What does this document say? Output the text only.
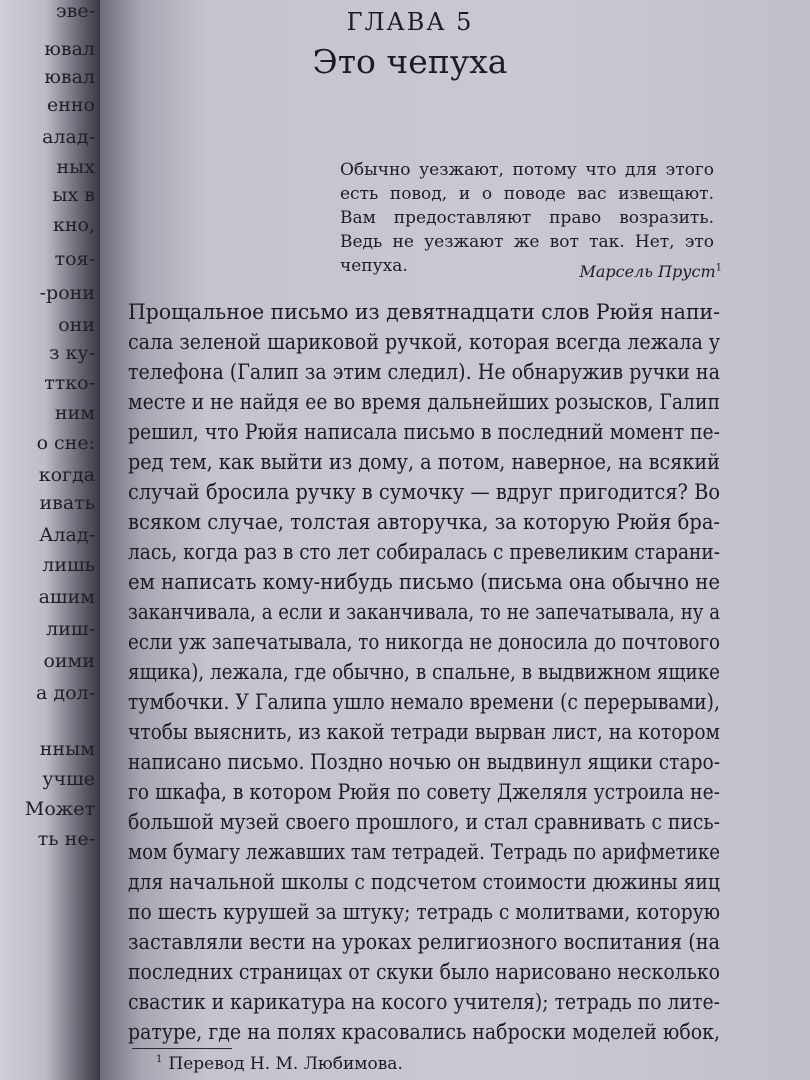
эве-
ювал
ювал
енно
алад-
ных
ых в
кно,
тоя-
-рони
они
з ку-
ттко-
ним
о сне:
когда
ивать
Алад-
лишь
ашим
лиш-
оими
а дол-
нным
учше
Может
ть не-
ГЛАВА 5
Это чепуха
Обычно уезжают, потому что для этого есть повод, и о поводе вас извещают. Вам предоставляют право возразить. Ведь не уезжают же вот так. Нет, это чепуха.	Марсель Пруст$^1$
Прощальное письмо из девятнадцати слов Рюйя напи-
сала зеленой шариковой ручкой, которая всегда лежала у
телефона (Галип за этим следил). Не обнаружив ручки на
месте и не найдя ее во время дальнейших розысков, Галип
решил, что Рюйя написала письмо в последний момент пе-
ред тем, как выйти из дому, а потом, наверное, на всякий
случай бросила ручку в сумочку — вдруг пригодится? Во
всяком случае, толстая авторучка, за которую Рюйя бра-
лась, когда раз в сто лет собиралась с превеликим старани-
ем написать кому-нибудь письмо (письма она обычно не
заканчивала, а если и заканчивала, то не запечатывала, ну а
если уж запечатывала, то никогда не доносила до почтового
ящика), лежала, где обычно, в спальне, в выдвижном ящике
тумбочки. У Галипа ушло немало времени (с перерывами),
чтобы выяснить, из какой тетради вырван лист, на котором
написано письмо. Поздно ночью он выдвинул ящики старо-
го шкафа, в котором Рюйя по совету Джеляля устроила не-
большой музей своего прошлого, и стал сравнивать с пись-
мом бумагу лежавших там тетрадей. Тетрадь по арифметике
для начальной школы с подсчетом стоимости дюжины яиц
по шесть курушей за штуку; тетрадь с молитвами, которую
заставляли вести на уроках религиозного воспитания (на
последних страницах от скуки было нарисовано несколько
свастик и карикатура на косого учителя); тетрадь по лите-
ратуре, где на полях красовались наброски моделей юбок,
$^1$ Перевод Н. М. Любимова.
